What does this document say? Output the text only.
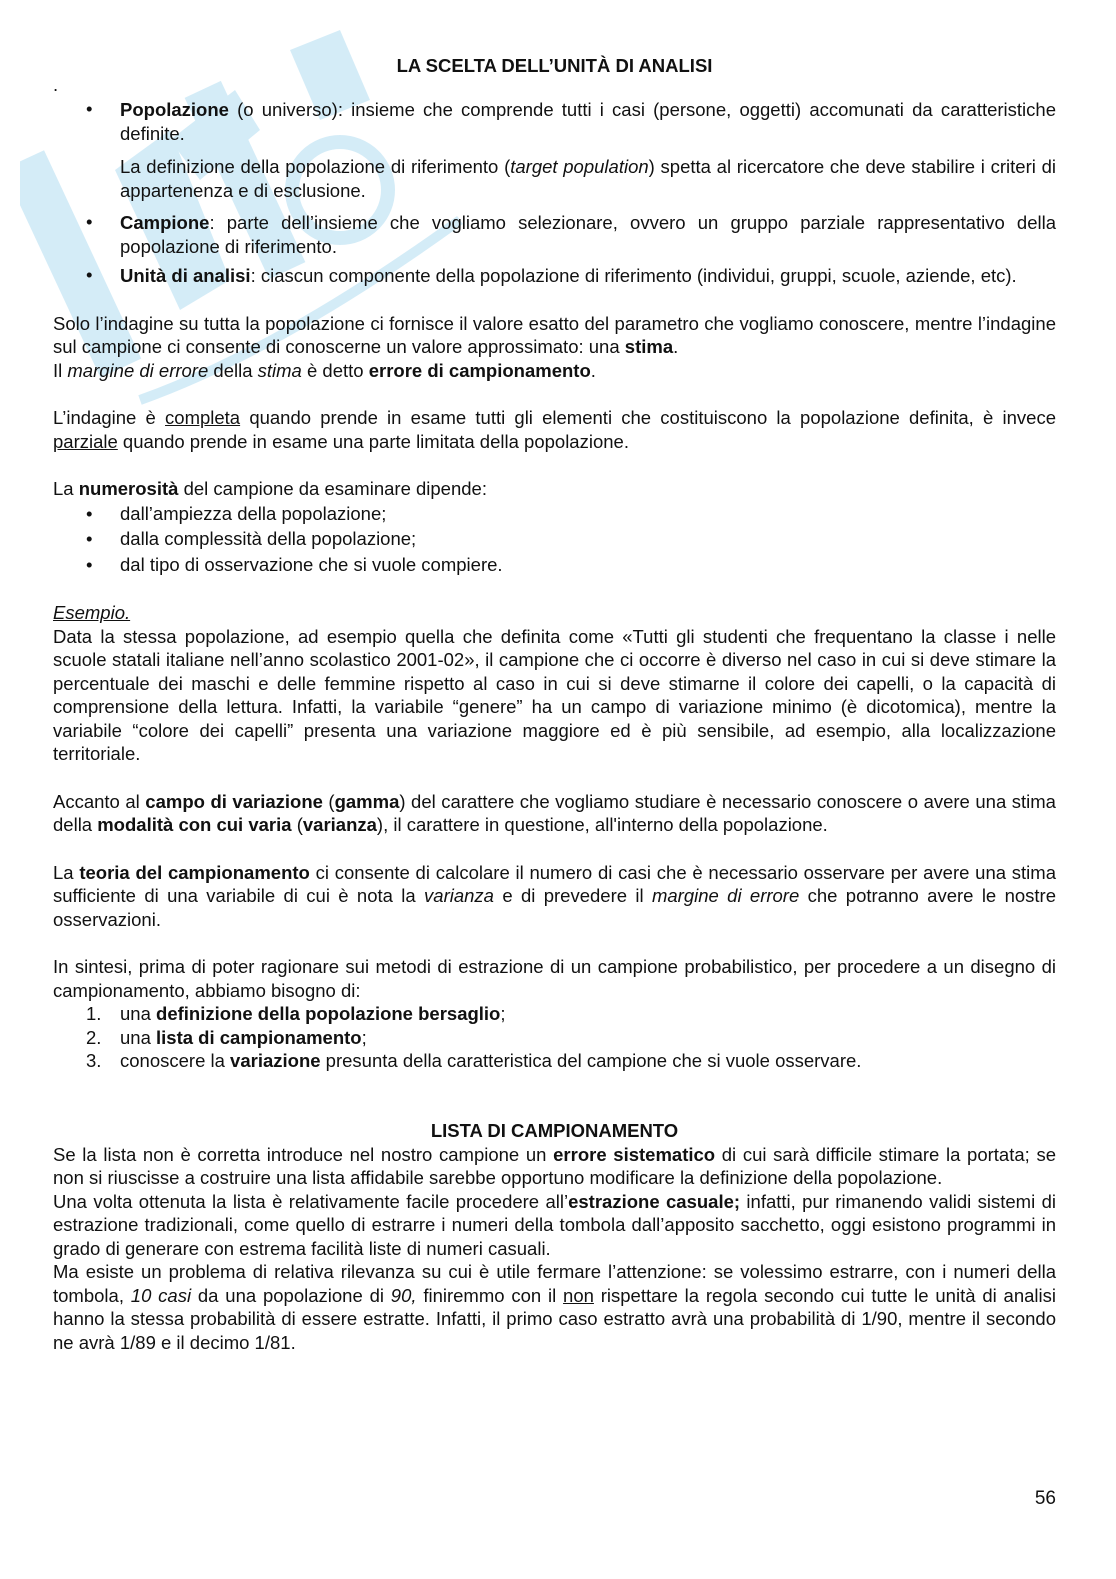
LA SCELTA DELL’UNITÀ DI ANALISI
.

• Popolazione (o universo): insieme che comprende tutti i casi (persone, oggetti) accomunati da caratteristiche definite.

La definizione della popolazione di riferimento (target population) spetta al ricercatore che deve stabilire i criteri di appartenenza e di esclusione.

• Campione: parte dell’insieme che vogliamo selezionare, ovvero un gruppo parziale rappresentativo della popolazione di riferimento.

• Unità di analisi: ciascun componente della popolazione di riferimento (individui, gruppi, scuole, aziende, etc).

Solo l’indagine su tutta la popolazione ci fornisce il valore esatto del parametro che vogliamo conoscere, mentre l’indagine sul campione ci consente di conoscerne un valore approssimato: una stima.

Il margine di errore della stima è detto errore di campionamento.

L’indagine è completa quando prende in esame tutti gli elementi che costituiscono la popolazione definita, è invece parziale quando prende in esame una parte limitata della popolazione.

La numerosità del campione da esaminare dipende:

• dall’ampiezza della popolazione;
• dalla complessità della popolazione;
• dal tipo di osservazione che si vuole compiere.

Esempio.

Data la stessa popolazione, ad esempio quella che definita come «Tutti gli studenti che frequentano la classe i nelle scuole statali italiane nell’anno scolastico 2001-02», il campione che ci occorre è diverso nel caso in cui si deve stimare la percentuale dei maschi e delle femmine rispetto al caso in cui si deve stimarne il colore dei capelli, o la capacità di comprensione della lettura. Infatti, la variabile “genere” ha un campo di variazione minimo (è dicotomica), mentre la variabile “colore dei capelli” presenta una variazione maggiore ed è più sensibile, ad esempio, alla localizzazione territoriale.

Accanto al campo di variazione (gamma) del carattere che vogliamo studiare è necessario conoscere o avere una stima della modalità con cui varia (varianza), il carattere in questione, all'interno della popolazione.

La teoria del campionamento ci consente di calcolare il numero di casi che è necessario osservare per avere una stima sufficiente di una variabile di cui è nota la varianza e di prevedere il margine di errore che potranno avere le nostre osservazioni.

In sintesi, prima di poter ragionare sui metodi di estrazione di un campione probabilistico, per procedere a un disegno di campionamento, abbiamo bisogno di:

1. una definizione della popolazione bersaglio;
2. una lista di campionamento;
3. conoscere la variazione presunta della caratteristica del campione che si vuole osservare.
LISTA DI CAMPIONAMENTO

Se la lista non è corretta introduce nel nostro campione un errore sistematico di cui sarà difficile stimare la portata; se non si riuscisse a costruire una lista affidabile sarebbe opportuno modificare la definizione della popolazione.

Una volta ottenuta la lista è relativamente facile procedere all’estrazione casuale; infatti, pur rimanendo validi sistemi di estrazione tradizionali, come quello di estrarre i numeri della tombola dall’apposito sacchetto, oggi esistono programmi in grado di generare con estrema facilità liste di numeri casuali.

Ma esiste un problema di relativa rilevanza su cui è utile fermare l’attenzione: se volessimo estrarre, con i numeri della tombola, 10 casi da una popolazione di 90, finiremmo con il non rispettare la regola secondo cui tutte le unità di analisi hanno la stessa probabilità di essere estratte. Infatti, il primo caso estratto avrà una probabilità di 1/90, mentre il secondo ne avrà 1/89 e il decimo 1/81.

56
